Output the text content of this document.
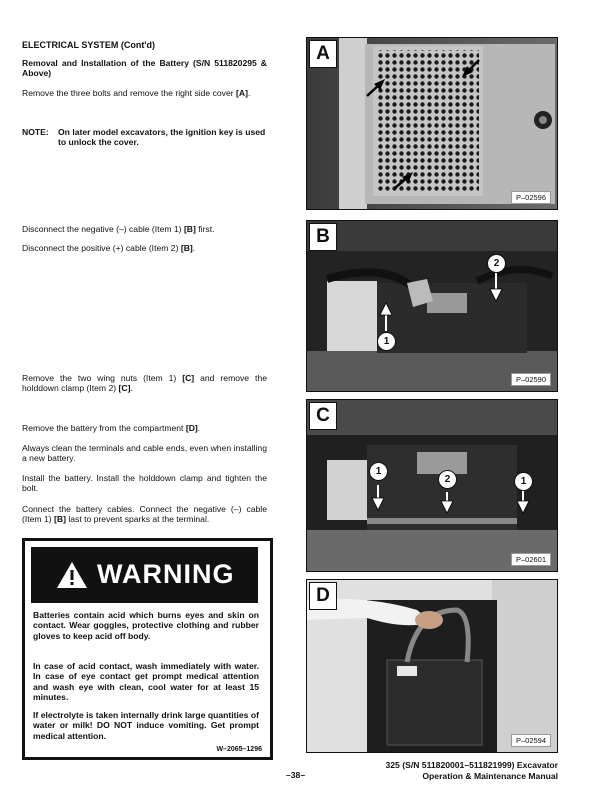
ELECTRICAL SYSTEM (Cont'd)
Removal and Installation of the Battery (S/N 511820295 & Above)
Remove the three bolts and remove the right side cover [A].
NOTE: On later model excavators, the ignition key is used to unlock the cover.
Disconnect the negative (–) cable (Item 1) [B] first.
Disconnect the positive (+) cable (Item 2) [B].
Remove the two wing nuts (Item 1) [C] and remove the holddown clamp (Item 2) [C].
Remove the battery from the compartment [D].
Always clean the terminals and cable ends, even when installing a new battery.
Install the battery. Install the holddown clamp and tighten the bolt.
Connect the battery cables. Connect the negative (–) cable (Item 1) [B] last to prevent sparks at the terminal.
WARNING
Batteries contain acid which burns eyes and skin on contact. Wear goggles, protective clothing and rubber gloves to keep acid off body.
In case of acid contact, wash immediately with water. In case of eye contact get prompt medical attention and wash eye with clean, cool water for at least 15 minutes.
If electrolyte is taken internally drink large quantities of water or milk! DO NOT induce vomiting. Get prompt medical attention.
W–2065–1296
A
P–02596
B
1
2
P–02590
C
1
2	1
P–02601
D
P–02594
–38–
325 (S/N 511820001–511821999) Excavator
Operation & Maintenance Manual
